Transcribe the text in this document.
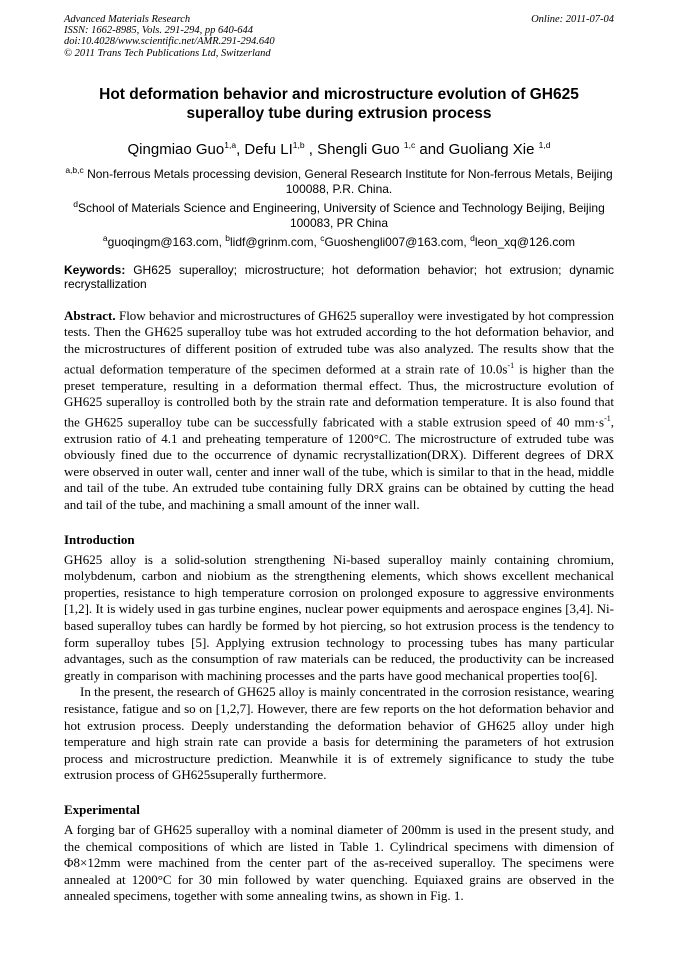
Advanced Materials Research
ISSN: 1662-8985, Vols. 291-294, pp 640-644
doi:10.4028/www.scientific.net/AMR.291-294.640
© 2011 Trans Tech Publications Ltd, Switzerland
Online: 2011-07-04
Hot deformation behavior and microstructure evolution of GH625 superalloy tube during extrusion process
Qingmiao Guo$^{1,a}$, Defu LI$^{1,b}$ , Shengli Guo $^{1,c}$ and Guoliang Xie $^{1,d}$
$^{a,b,c}$ Non-ferrous Metals processing devision, General Research Institute for Non-ferrous Metals, Beijing 100088, P.R. China.
$^d$School of Materials Science and Engineering, University of Science and Technology Beijing, Beijing 100083, PR China
$^a$guoqingm@163.com, $^b$lidf@grinm.com, $^c$Guoshengli007@163.com, $^d$leon_xq@126.com
Keywords: GH625 superalloy; microstructure; hot deformation behavior; hot extrusion; dynamic recrystallization
Abstract. Flow behavior and microstructures of GH625 superalloy were investigated by hot compression tests. Then the GH625 superalloy tube was hot extruded according to the hot deformation behavior, and the microstructures of different position of extruded tube was also analyzed. The results show that the actual deformation temperature of the specimen deformed at a strain rate of $10.0s^{-1}$ is higher than the preset temperature, resulting in a deformation thermal effect. Thus, the microstructure evolution of GH625 superalloy is controlled both by the strain rate and deformation temperature. It is also found that the GH625 superalloy tube can be successfully fabricated with a stable extrusion speed of 40 $mm\cdot s^{-1}$, extrusion ratio of 4.1 and preheating temperature of 1200°C. The microstructure of extruded tube was obviously fined due to the occurrence of dynamic recrystallization(DRX). Different degrees of DRX were observed in outer wall, center and inner wall of the tube, which is similar to that in the head, middle and tail of the tube. An extruded tube containing fully DRX grains can be obtained by cutting the head and tail of the tube, and machining a small amount of the inner wall.
Introduction
GH625 alloy is a solid-solution strengthening Ni-based superalloy mainly containing chromium, molybdenum, carbon and niobium as the strengthening elements, which shows excellent mechanical properties, resistance to high temperature corrosion on prolonged exposure to aggressive environments [1,2]. It is widely used in gas turbine engines, nuclear power equipments and aerospace engines [3,4]. Ni-based superalloy tubes can hardly be formed by hot piercing, so hot extrusion process is the tendency to form superalloy tubes [5]. Applying extrusion technology to processing tubes has many particular advantages, such as the consumption of raw materials can be reduced, the productivity can be increased greatly in comparison with machining processes and the parts have good mechanical properties too[6].
In the present, the research of GH625 alloy is mainly concentrated in the corrosion resistance, wearing resistance, fatigue and so on [1,2,7]. However, there are few reports on the hot deformation behavior and hot extrusion process. Deeply understanding the deformation behavior of GH625 alloy under high temperature and high strain rate can provide a basis for determining the parameters of hot extrusion process and microstructure prediction. Meanwhile it is of extremely significance to study the tube extrusion process of GH625superally furthermore.
Experimental
A forging bar of GH625 superalloy with a nominal diameter of 200mm is used in the present study, and the chemical compositions of which are listed in Table 1. Cylindrical specimens with dimension of Φ8×12mm were machined from the center part of the as-received superalloy. The specimens were annealed at 1200°C for 30 min followed by water quenching. Equiaxed grains are observed in the annealed specimens, together with some annealing twins, as shown in Fig. 1.
